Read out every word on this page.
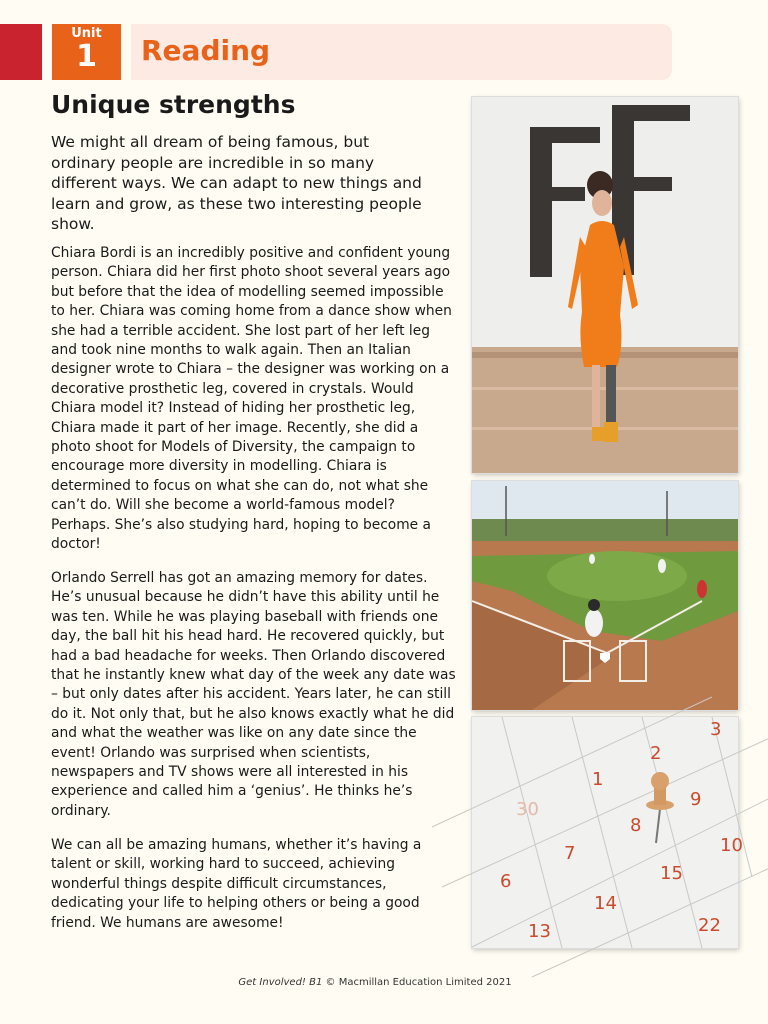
Unit
1	Reading
Unique strengths

We might all dream of being famous, but ordinary people are incredible in so many different ways. We can adapt to new things and learn and grow, as these two interesting people show.

Chiara Bordi is an incredibly positive and confident young person. Chiara did her first photo shoot several years ago but before that the idea of modelling seemed impossible to her. Chiara was coming home from a dance show when she had a terrible accident. She lost part of her left leg and took nine months to walk again. Then an Italian designer wrote to Chiara – the designer was working on a decorative prosthetic leg, covered in crystals. Would Chiara model it? Instead of hiding her prosthetic leg, Chiara made it part of her image. Recently, she did a photo shoot for Models of Diversity, the campaign to encourage more diversity in modelling. Chiara is determined to focus on what she can do, not what she can’t do. Will she become a world-famous model? Perhaps. She’s also studying hard, hoping to become a doctor!

Orlando Serrell has got an amazing memory for dates. He’s unusual because he didn’t have this ability until he was ten. While he was playing baseball with friends one day, the ball hit his head hard. He recovered quickly, but had a bad headache for weeks. Then Orlando discovered that he instantly knew what day of the week any date was – but only dates after his accident. Years later, he can still do it. Not only that, but he also knows exactly what he did and what the weather was like on any date since the event! Orlando was surprised when scientists, newspapers and TV shows were all interested in his experience and called him a ‘genius’. He thinks he’s ordinary.

We can all be amazing humans, whether it’s having a talent or skill, working hard to succeed, achieving wonderful things despite difficult circumstances, dedicating your life to helping others or being a good friend. We humans are awesome!

3
2
1
9
30
8
10
7
6	15
14
13	22
Get Involved! B1 © Macmillan Education Limited 2021
